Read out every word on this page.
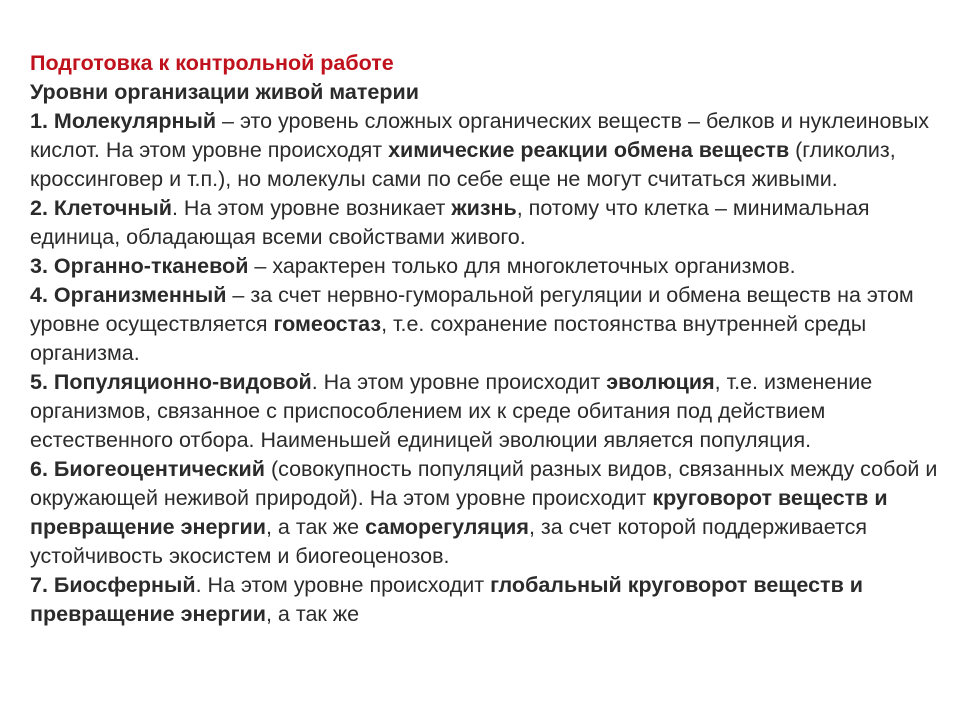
Подготовка к контрольной работе
Уровни организации живой материи
1. Молекулярный – это уровень сложных органических веществ – белков и нуклеиновых кислот. На этом уровне происходят химические реакции обмена веществ (гликолиз, кроссинговер и т.п.), но молекулы сами по себе еще не могут считаться живыми.
2. Клеточный. На этом уровне возникает жизнь, потому что клетка – минимальная единица, обладающая всеми свойствами живого.
3. Органно-тканевой – характерен только для многоклеточных организмов.
4. Организменный – за счет нервно-гуморальной регуляции и обмена веществ на этом уровне осуществляется гомеостаз, т.е. сохранение постоянства внутренней среды организма.
5. Популяционно-видовой. На этом уровне происходит эволюция, т.е. изменение организмов, связанное с приспособлением их к среде обитания под действием естественного отбора. Наименьшей единицей эволюции является популяция.
6. Биогеоцентический (совокупность популяций разных видов, связанных между собой и окружающей неживой природой). На этом уровне происходит круговорот веществ и превращение энергии, а так же саморегуляция, за счет которой поддерживается устойчивость экосистем и биогеоценозов.
7. Биосферный. На этом уровне происходит глобальный круговорот веществ и превращение энергии, а так же
